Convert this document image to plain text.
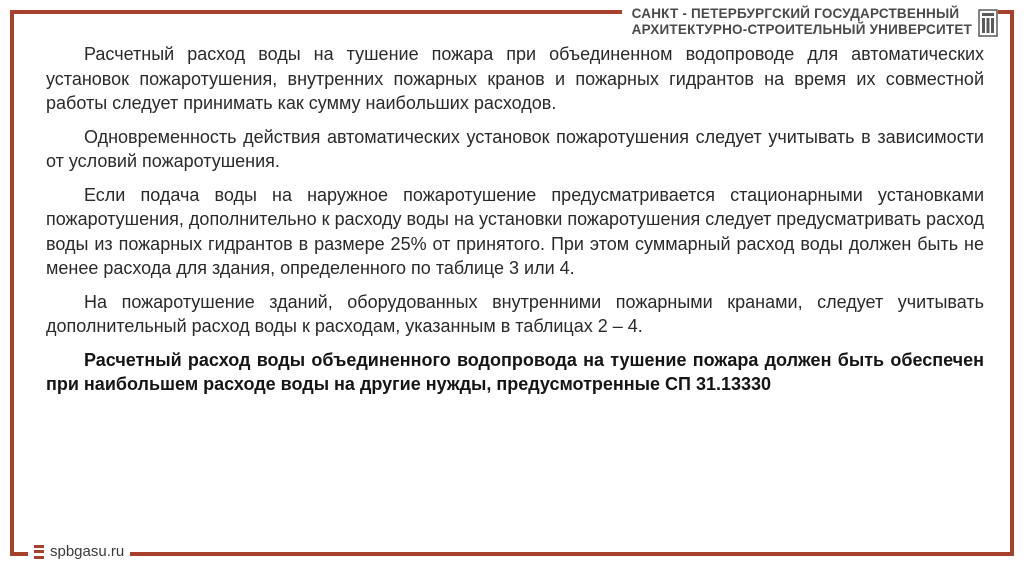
САНКТ - ПЕТЕРБУРГСКИЙ ГОСУДАРСТВЕННЫЙ
АРХИТЕКТУРНО-СТРОИТЕЛЬНЫЙ УНИВЕРСИТЕТ

Расчетный расход воды на тушение пожара при объединенном водопроводе для автоматических установок пожаротушения, внутренних пожарных кранов и пожарных гидрантов на время их совместной работы следует принимать как сумму наибольших расходов.

Одновременность действия автоматических установок пожаротушения следует учитывать в зависимости от условий пожаротушения.

Если подача воды на наружное пожаротушение предусматривается стационарными установками пожаротушения, дополнительно к расходу воды на установки пожаротушения следует предусматривать расход воды из пожарных гидрантов в размере 25% от принятого. При этом суммарный расход воды должен быть не менее расхода для здания, определенного по таблице 3 или 4.

На пожаротушение зданий, оборудованных внутренними пожарными кранами, следует учитывать дополнительный расход воды к расходам, указанным в таблицах 2 – 4.

Расчетный расход воды объединенного водопровода на тушение пожара должен быть обеспечен при наибольшем расходе воды на другие нужды, предусмотренные СП 31.13330

spbgasu.ru
